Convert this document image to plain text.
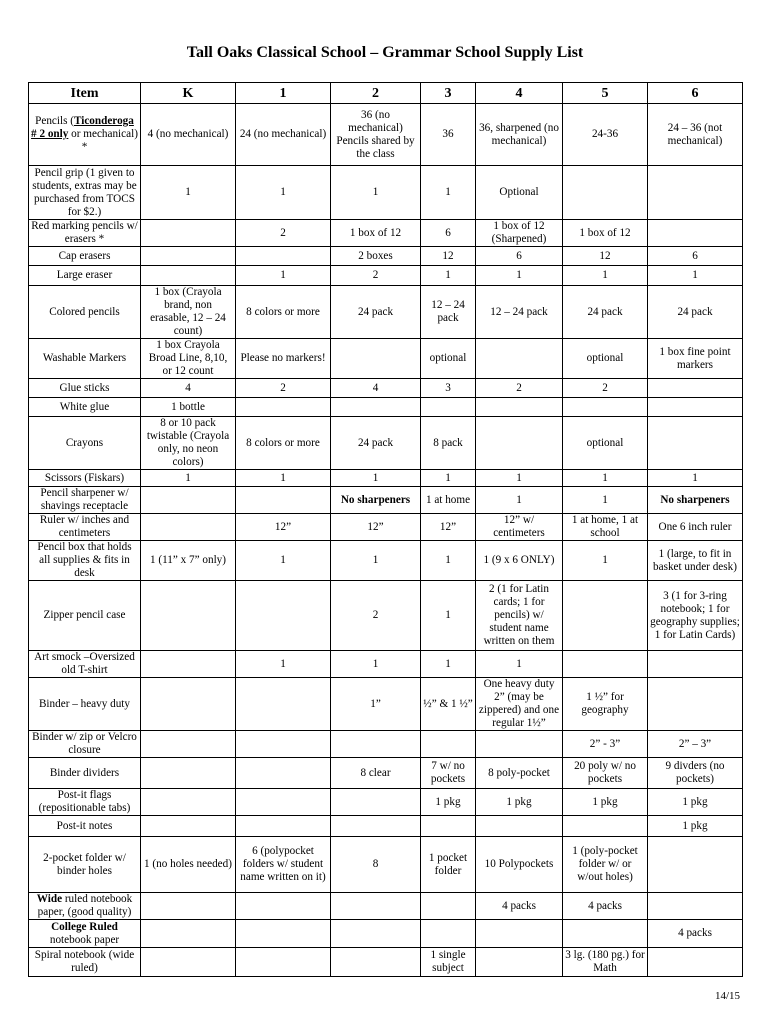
Tall Oaks Classical School – Grammar School Supply List
Item	K	1	2	3	4	5	6
Pencils (Ticonderoga # 2 only or mechanical) *	4 (no mechanical)	24 (no mechanical)	36 (no mechanical) Pencils shared by the class	36	36, sharpened (no mechanical)	24-36	24 – 36 (not mechanical)
Pencil grip (1 given to students, extras may be purchased from TOCS for $2.)	1	1	1	1	Optional		
Red marking pencils w/ erasers *		2	1 box of 12	6	1 box of 12 (Sharpened)	1 box of 12	
Cap erasers			2 boxes	12	6	12	6
Large eraser		1	2	1	1	1	1
Colored pencils	1 box (Crayola brand, non erasable, 12 – 24 count)	8 colors or more	24 pack	12 – 24 pack	12 – 24 pack	24 pack	24 pack
Washable Markers	1 box Crayola Broad Line, 8,10, or 12 count	Please no markers!		optional		optional	1 box fine point markers
Glue sticks	4	2	4	3	2	2	
White glue	1 bottle						
Crayons	8 or 10 pack twistable (Crayola only, no neon colors)	8 colors or more	24 pack	8 pack		optional	
Scissors (Fiskars)	1	1	1	1	1	1	1
Pencil sharpener w/ shavings receptacle			No sharpeners	1 at home	1	1	No sharpeners
Ruler w/ inches and centimeters		12”	12”	12”	12” w/ centimeters	1 at home, 1 at school	One 6 inch ruler
Pencil box that holds all supplies & fits in desk	1 (11” x 7” only)	1	1	1	1 (9 x 6 ONLY)	1	1 (large, to fit in basket under desk)
Zipper pencil case			2	1	2 (1 for Latin cards; 1 for pencils) w/ student name written on them		3 (1 for 3-ring notebook; 1 for geography supplies; 1 for Latin Cards)
Art smock –Oversized old T-shirt		1	1	1	1		
Binder – heavy duty			1”	½” & 1 ½”	One heavy duty 2” (may be zippered) and one regular 1½”	1 ½” for geography	
Binder w/ zip or Velcro closure						2” - 3”	2” – 3”
Binder dividers			8 clear	7 w/ no pockets	8 poly-pocket	20 poly w/ no pockets	9 divders (no pockets)
Post-it flags (repositionable tabs)				1 pkg	1 pkg	1 pkg	1 pkg
Post-it notes							1 pkg
2-pocket folder w/ binder holes	1 (no holes needed)	6 (polypocket folders w/ student name written on it)	8	1 pocket folder	10 Polypockets	1 (poly-pocket folder w/ or w/out holes)	
Wide ruled notebook paper, (good quality)					4 packs	4 packs	
College Ruled notebook paper							4 packs
Spiral notebook (wide ruled)				1 single subject		3 lg. (180 pg.) for Math	
14/15
